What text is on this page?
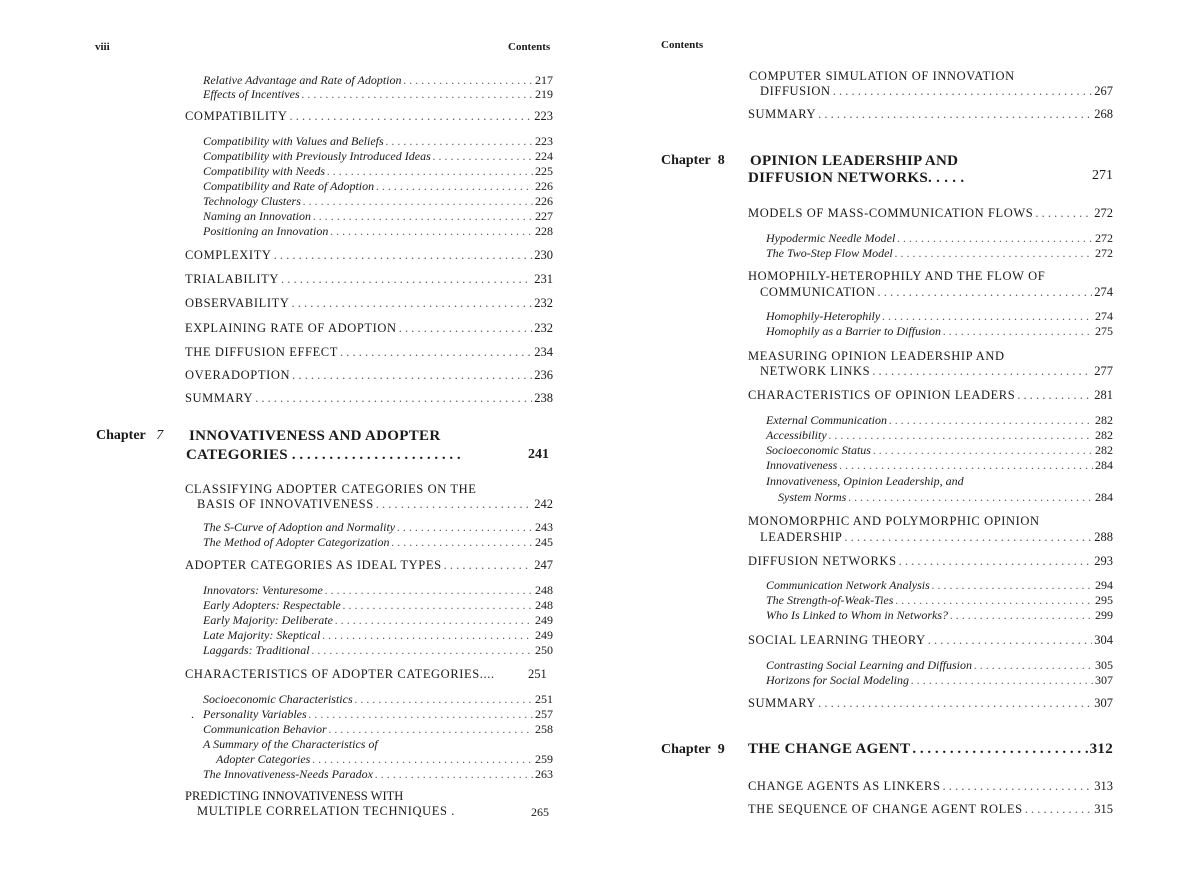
viii	Contents
Relative Advantage and Rate of Adoption
. . .	217
Effects of Incentives
. . .	219
COMPATIBILITY
. . .	223
Compatibility with Values and Beliefs
. . .	223
Compatibility with Previously Introduced Ideas
. . .	224
Compatibility with Needs
. . .	225
Compatibility and Rate of Adoption
. . .	226
Technology Clusters
. . .	226
Naming an Innovation
. . .	227
Positioning an Innovation
. . .	228
COMPLEXITY
. . .	230
TRIALABILITY
. . .	231
OBSERVABILITY
. . .	232
EXPLAINING RATE OF ADOPTION
. . .	232
THE DIFFUSION EFFECT
. . .	234
OVERADOPTION
. . .	236
SUMMARY
. . .	238
Chapter 7 INNOVATIVENESS AND ADOPTER
CATEGORIES . . . . . . . . . . . . . . . . . . . . . . .	241
CLASSIFYING ADOPTER CATEGORIES ON THE
BASIS OF INNOVATIVENESS
. . .	242
The S-Curve of Adoption and Normality
. . .	243
The Method of Adopter Categorization
. . .	245
ADOPTER CATEGORIES AS IDEAL TYPES
. . .	247
Innovators: Venturesome
. . .	248
Early Adopters: Respectable
. . .	248
Early Majority: Deliberate
. . .	249
Late Majority: Skeptical
. . .	249
Laggards: Traditional
. . .	250
CHARACTERISTICS OF ADOPTER CATEGORIES....	251
Socioeconomic Characteristics
. . .	251
. Personality Variables
. . .	257
Communication Behavior
. . .	258
A Summary of the Characteristics of
Adopter Categories
. . .	259
The Innovativeness-Needs Paradox
. . .	263
PREDICTING INNOVATIVENESS WITH
MULTIPLE CORRELATION TECHNIQUES .	265
Contents
COMPUTER SIMULATION OF INNOVATION
DIFFUSION
. . .	267
SUMMARY
. . .	268
Chapter 8 OPINION LEADERSHIP AND
DIFFUSION NETWORKS. . . . .	271
MODELS OF MASS-COMMUNICATION FLOWS
. . .	272
Hypodermic Needle Model
. . .	272
The Two-Step Flow Model
. . .	272
HOMOPHILY-HETEROPHILY AND THE FLOW OF
COMMUNICATION
. . .	274
Homophily-Heterophily
. . .	274
Homophily as a Barrier to Diffusion
. . .	275
MEASURING OPINION LEADERSHIP AND
NETWORK LINKS
. . .	277
CHARACTERISTICS OF OPINION LEADERS
. . .	281
External Communication
. . .	282
Accessibility
. . .	282
Socioeconomic Status
. . .	282
Innovativeness
. . .	284
Innovativeness, Opinion Leadership, and
System Norms
. . .	284
MONOMORPHIC AND POLYMORPHIC OPINION
LEADERSHIP
. . .	288
DIFFUSION NETWORKS
. . .	293
Communication Network Analysis
. . .	294
The Strength-of-Weak-Ties
. . .	295
Who Is Linked to Whom in Networks?
. . .	299
SOCIAL LEARNING THEORY
. . .	304
Contrasting Social Learning and Diffusion
. . .	305
Horizons for Social Modeling
. . .	307
SUMMARY
. . .	307
Chapter 9 THE CHANGE AGENT . . . . . . . . . . . . . . . . . . . . . . . 312
CHANGE AGENTS AS LINKERS
. . .	313
THE SEQUENCE OF CHANGE AGENT ROLES
. . .	315
